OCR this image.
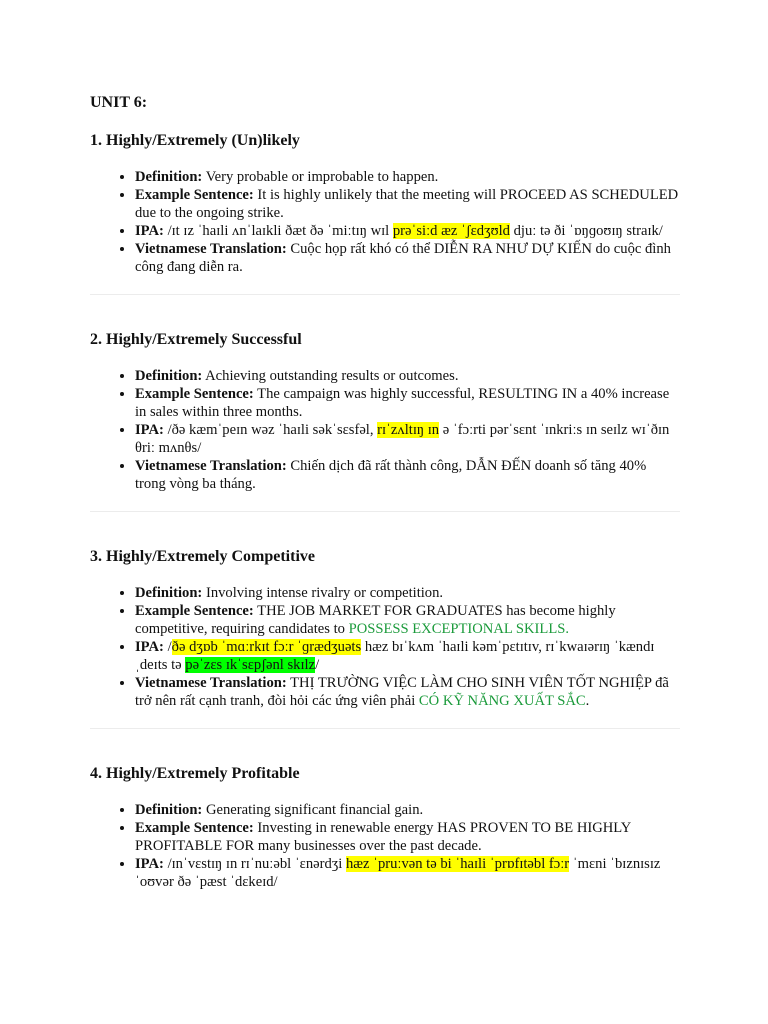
UNIT 6:
1. Highly/Extremely (Un)likely
• Definition: Very probable or improbable to happen.
• Example Sentence: It is highly unlikely that the meeting will PROCEED AS SCHEDULED due to the ongoing strike.
• IPA: /ɪt ɪz ˈhaɪli ʌnˈlaɪkli ðæt ðə ˈmiːtɪŋ wɪl prəˈsiːd æz ˈʃɛdʒʊld djuː tə ði ˈɒŋɡoʊɪŋ straɪk/
• Vietnamese Translation: Cuộc họp rất khó có thể DIỄN RA NHƯ DỰ KIẾN do cuộc đình công đang diễn ra.
2. Highly/Extremely Successful
• Definition: Achieving outstanding results or outcomes.
• Example Sentence: The campaign was highly successful, RESULTING IN a 40% increase in sales within three months.
• IPA: /ðə kæmˈpeɪn wəz ˈhaɪli səkˈsɛsfəl, rɪˈzʌltɪŋ ɪn ə ˈfɔːrti pərˈsɛnt ˈɪnkriːs ɪn seɪlz wɪˈðɪn θriː mʌnθs/
• Vietnamese Translation: Chiến dịch đã rất thành công, DẪN ĐẾN doanh số tăng 40% trong vòng ba tháng.
3. Highly/Extremely Competitive
• Definition: Involving intense rivalry or competition.
• Example Sentence: THE JOB MARKET FOR GRADUATES has become highly competitive, requiring candidates to POSSESS EXCEPTIONAL SKILLS.
• IPA: /ðə dʒɒb ˈmɑːrkɪt fɔːr ˈɡrædʒuəts hæz bɪˈkʌm ˈhaɪli kəmˈpɛtɪtɪv, rɪˈkwaɪərɪŋ ˈkændɪˌdeɪts tə pəˈzɛs ɪkˈsɛpʃənl skɪlz/
• Vietnamese Translation: THỊ TRƯỜNG VIỆC LÀM CHO SINH VIÊN TỐT NGHIỆP đã trở nên rất cạnh tranh, đòi hỏi các ứng viên phải CÓ KỸ NĂNG XUẤT SẮC.
4. Highly/Extremely Profitable
• Definition: Generating significant financial gain.
• Example Sentence: Investing in renewable energy HAS PROVEN TO BE HIGHLY PROFITABLE FOR many businesses over the past decade.
• IPA: /ɪnˈvɛstɪŋ ɪn rɪˈnuːəbl ˈɛnərdʒi hæz ˈpruːvən tə bi ˈhaɪli ˈprɒfɪtəbl fɔːr ˈmɛni ˈbɪznɪsɪz ˈoʊvər ðə ˈpæst ˈdɛkeɪd/
